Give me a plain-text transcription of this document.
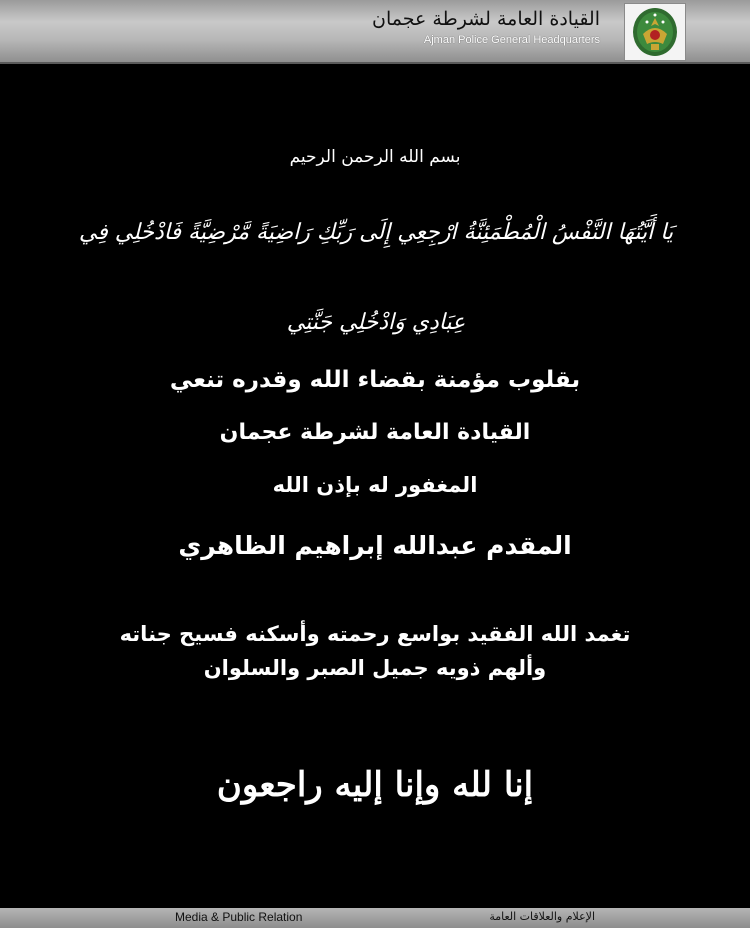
القيادة العامة لشرطة عجمان
Ajman Police General Headquarters
بسم الله الرحمن الرحيم
يَا أَيَّتُهَا النَّفْسُ الْمُطْمَئِنَّةُ ارْجِعِي إِلَى رَبِّكِ رَاضِيَةً مَّرْضِيَّةً فَادْخُلِي فِي عِبَادِي وَادْخُلِي جَنَّتِي
بقلوب مؤمنة بقضاء الله وقدره تنعي
القيادة العامة لشرطة عجمان
المغفور له بإذن الله
المقدم عبدالله إبراهيم الظاهري
تغمد الله الفقيد بواسع رحمته وأسكنه فسيح جناته
وألهم ذويه جميل الصبر والسلوان
إنا لله وإنا إليه راجعون
Media & Public Relation	الإعلام والعلاقات العامة
